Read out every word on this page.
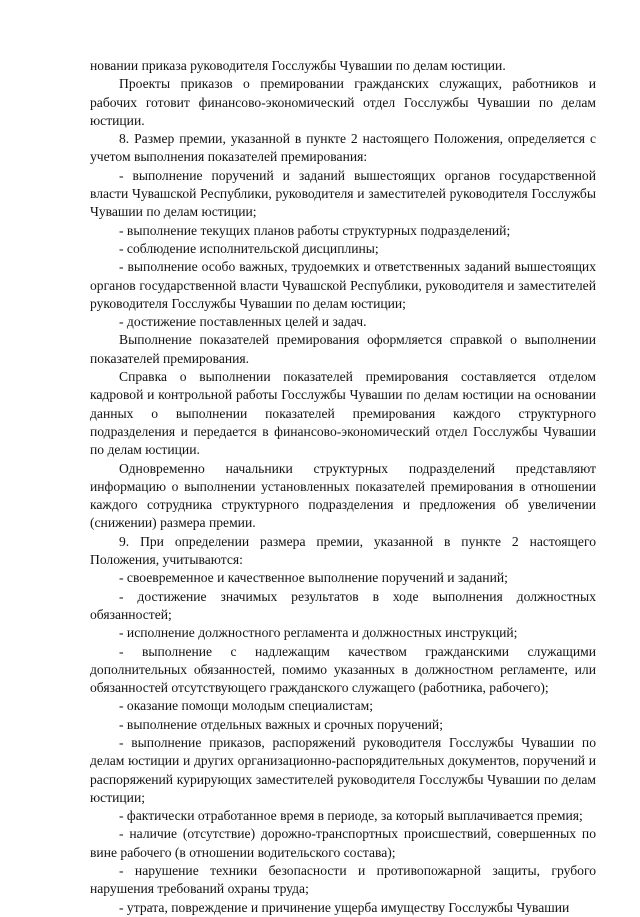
новании приказа руководителя Госслужбы Чувашии по делам юстиции.

Проекты приказов о премировании гражданских служащих, работников и рабочих готовит финансово-экономический отдел Госслужбы Чувашии по делам юстиции.

8. Размер премии, указанной в пункте 2 настоящего Положения, определяется с учетом выполнения показателей премирования:

- выполнение поручений и заданий вышестоящих органов государственной власти Чувашской Республики, руководителя и заместителей руководителя Госслужбы Чувашии по делам юстиции;

- выполнение текущих планов работы структурных подразделений;

- соблюдение исполнительской дисциплины;

- выполнение особо важных, трудоемких и ответственных заданий вышестоящих органов государственной власти Чувашской Республики, руководителя и заместителей руководителя Госслужбы Чувашии по делам юстиции;

- достижение поставленных целей и задач.

Выполнение показателей премирования оформляется справкой о выполнении показателей премирования.

Справка о выполнении показателей премирования составляется отделом кадровой и контрольной работы Госслужбы Чувашии по делам юстиции на основании данных о выполнении показателей премирования каждого структурного подразделения и передается в финансово-экономический отдел Госслужбы Чувашии по делам юстиции.

Одновременно начальники структурных подразделений представляют информацию о выполнении установленных показателей премирования в отношении каждого сотрудника структурного подразделения и предложения об увеличении (снижении) размера премии.

9. При определении размера премии, указанной в пункте 2 настоящего Положения, учитываются:

- своевременное и качественное выполнение поручений и заданий;

- достижение значимых результатов в ходе выполнения должностных обязанностей;

- исполнение должностного регламента и должностных инструкций;

- выполнение с надлежащим качеством гражданскими служащими дополнительных обязанностей, помимо указанных в должностном регламенте, или обязанностей отсутствующего гражданского служащего (работника, рабочего);

- оказание помощи молодым специалистам;

- выполнение отдельных важных и срочных поручений;

- выполнение приказов, распоряжений руководителя Госслужбы Чувашии по делам юстиции и других организационно-распорядительных документов, поручений и распоряжений курирующих заместителей руководителя Госслужбы Чувашии по делам юстиции;

- фактически отработанное время в периоде, за который выплачивается премия;

- наличие (отсутствие) дорожно-транспортных происшествий, совершенных по вине рабочего (в отношении водительского состава);

- нарушение техники безопасности и противопожарной защиты, грубого нарушения требований охраны труда;

- утрата, повреждение и причинение ущерба имуществу Госслужбы Чувашии
